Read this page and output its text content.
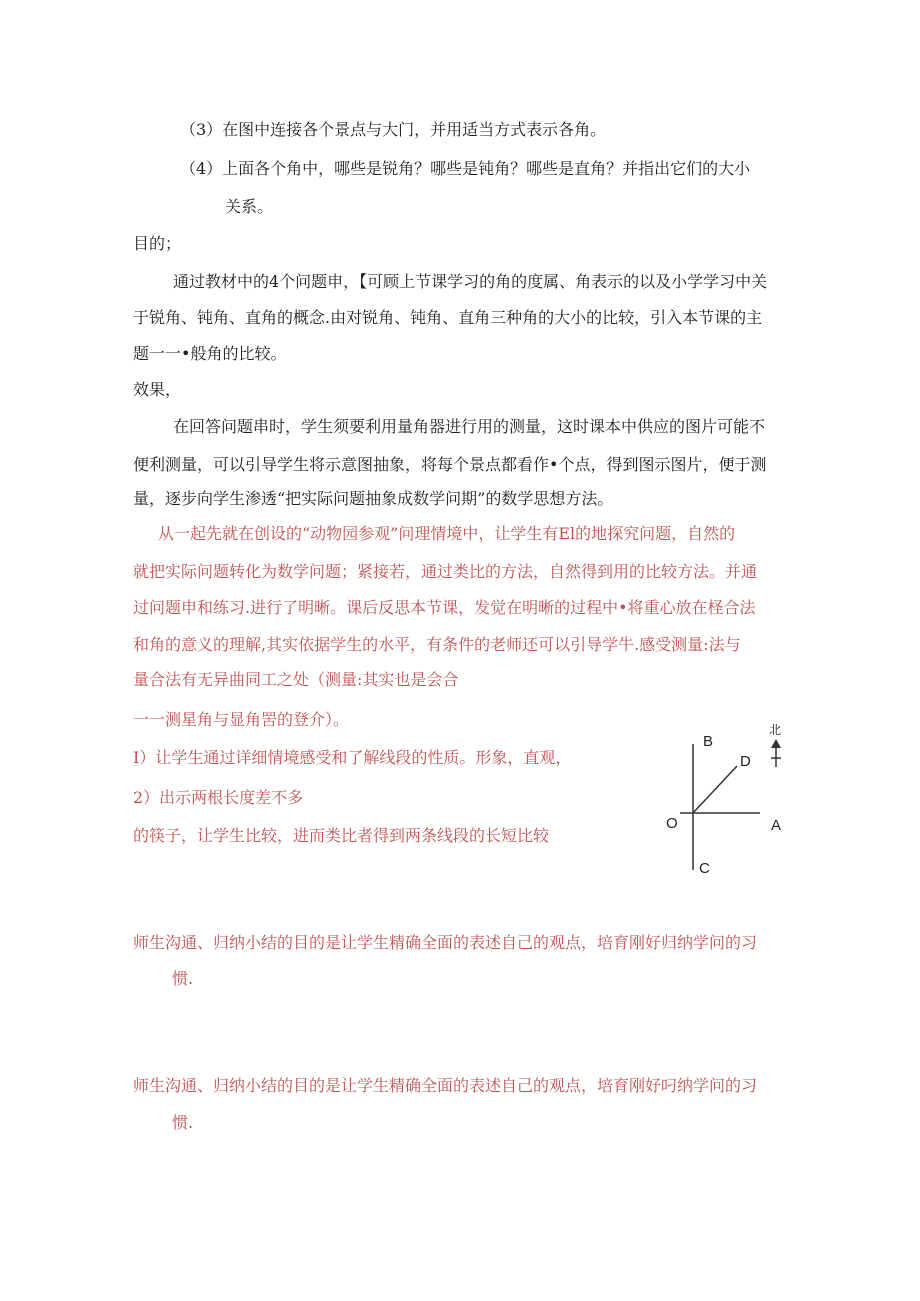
（3）在图中连接各个景点与大门，并用适当方式表示各角。
（4）上面各个角中，哪些是锐角？哪些是钝角？哪些是直角？并指出它们的大小
关系。
目的；
通过教材中的4个问题申，【可顾上节课学习的角的度属、角表示的以及小学学习中关
于锐角、钝角、直角的概念.由对锐角、钝角、直角三种角的大小的比较，引入本节课的主
题一一•般角的比较。
效果，
在回答问题串时，学生须要利用量角器进行用的测量，这时课本中供应的图片可能不
便利测量，可以引导学生将示意图抽象，将每个景点都看作•个点，得到图示图片，便于测
量，逐步向学生渗透“把实际问题抽象成数学问期”的数学思想方法。
从一起先就在创设的“动物园参观”问理情境中，让学生有El的地探究问题，自然的
就把实际问题转化为数学问题；紧接若，通过类比的方法，自然得到用的比较方法。并通
过问题申和练习.进行了明晰。课后反思本节课，发觉在明晰的过程中•将重心放在柽合法
和角的意义的理解,其实依据学生的水平，有条件的老师还可以引导学牛.感受测量:法与
量合法有无异曲同工之处（测量:其实也是会合
一一测星角与显角罟的登介）。
I）让学生通过详细情境感受和了解线段的性质。形象，直观，
2）出示两根长度差不多
的筷子，让学生比较，进而类比者得到两条线段的长短比较
B
D
O	A
C
北
师生沟通、归纳小结的目的是让学生精确全面的表述自己的观点，培育刚好归纳学问的习
惯.
师生沟通、归纳小结的目的是让学生精确全面的表述自己的观点，培育刚好叼纳学问的习
惯.
